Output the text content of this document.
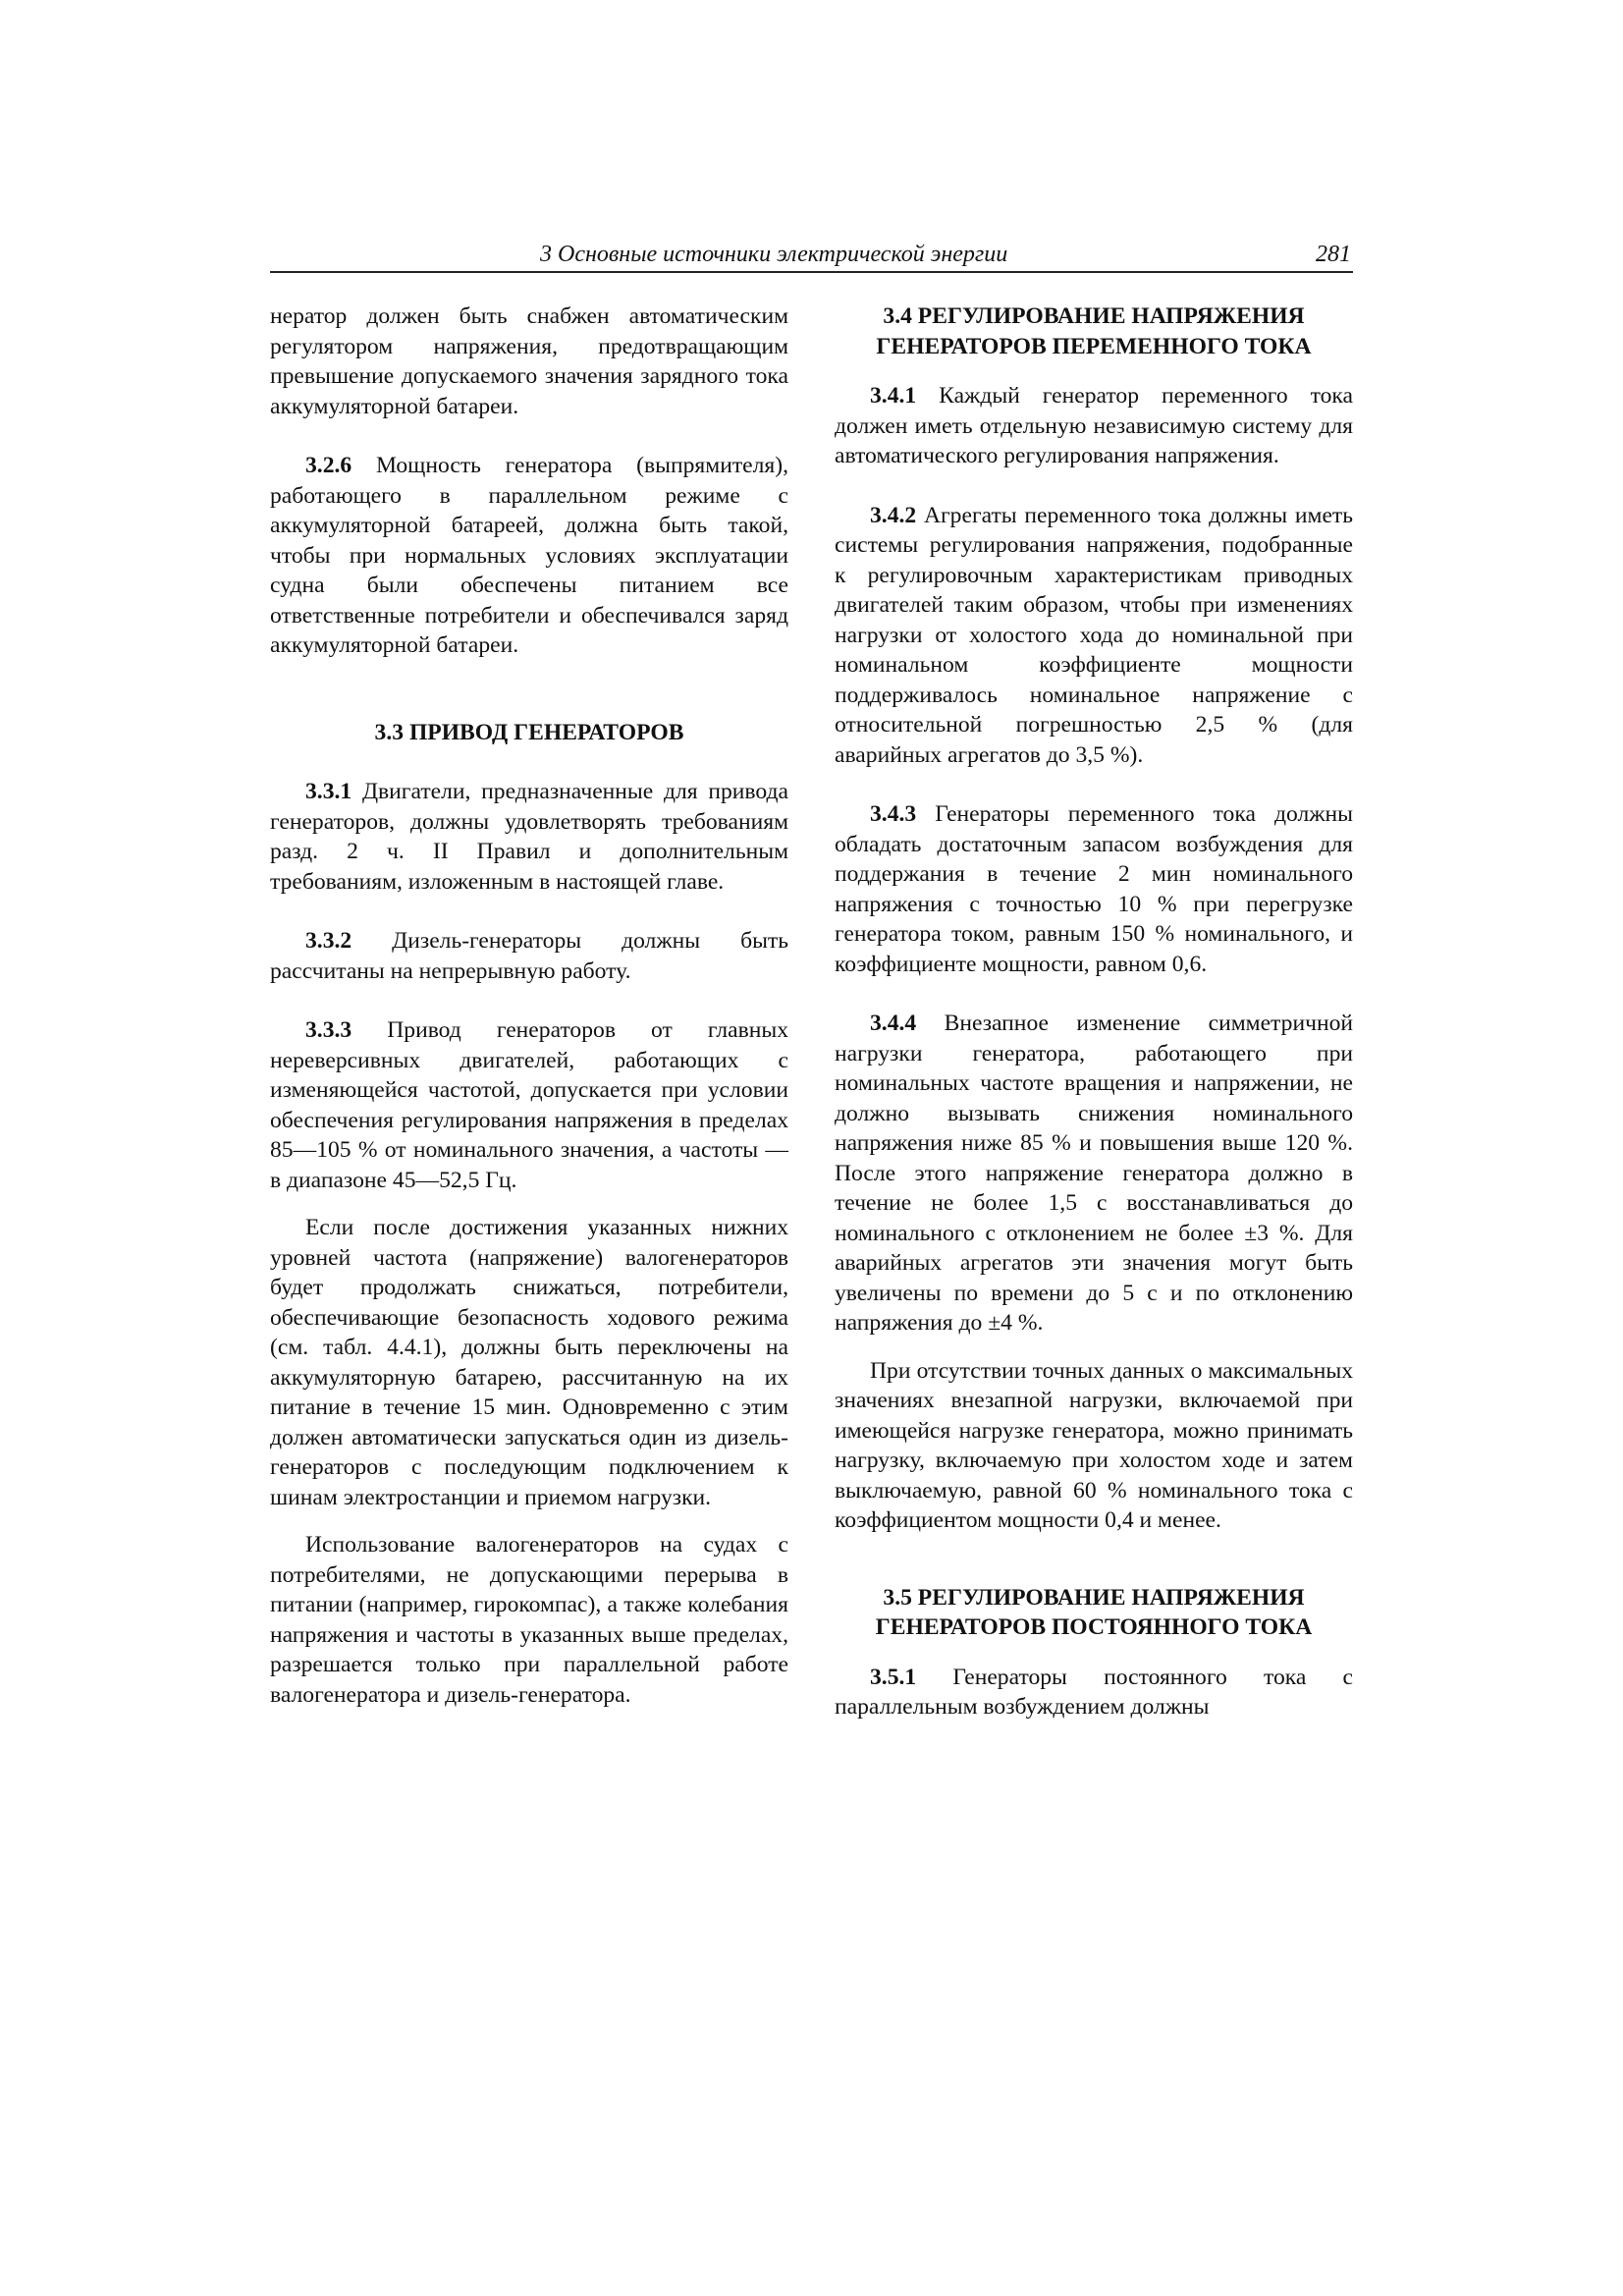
3 Основные источники электрической энергии	281

нератор должен быть снабжен автоматическим регулятором напряжения, предотвращающим превышение допускаемого значения зарядного тока аккумуляторной батареи.

3.2.6 Мощность генератора (выпрямителя), работающего в параллельном режиме с аккумуляторной батареей, должна быть такой, чтобы при нормальных условиях эксплуатации судна были обеспечены питанием все ответственные потребители и обеспечивался заряд аккумуляторной батареи.

3.3 ПРИВОД ГЕНЕРАТОРОВ

3.3.1 Двигатели, предназначенные для привода генераторов, должны удовлетворять требованиям разд. 2 ч. II Правил и дополнительным требованиям, изложенным в настоящей главе.

3.3.2 Дизель-генераторы должны быть рассчитаны на непрерывную работу.

3.3.3 Привод генераторов от главных нереверсивных двигателей, работающих с изменяющейся частотой, допускается при условии обеспечения регулирования напряжения в пределах 85—105 % от номинального значения, а частоты — в диапазоне 45—52,5 Гц.

Если после достижения указанных нижних уровней частота (напряжение) валогенераторов будет продолжать снижаться, потребители, обеспечивающие безопасность ходового режима (см. табл. 4.4.1), должны быть переключены на аккумуляторную батарею, рассчитанную на их питание в течение 15 мин. Одновременно с этим должен автоматически запускаться один из дизель-генераторов с последующим подключением к шинам электростанции и приемом нагрузки.

Использование валогенераторов на судах с потребителями, не допускающими перерыва в питании (например, гирокомпас), а также колебания напряжения и частоты в указанных выше пределах, разрешается только при параллельной работе валогенератора и дизель-генератора.

3.4 РЕГУЛИРОВАНИЕ НАПРЯЖЕНИЯ
ГЕНЕРАТОРОВ ПЕРЕМЕННОГО ТОКА

3.4.1 Каждый генератор переменного тока должен иметь отдельную независимую систему для автоматического регулирования напряжения.

3.4.2 Агрегаты переменного тока должны иметь системы регулирования напряжения, подобранные к регулировочным характеристикам приводных двигателей таким образом, чтобы при изменениях нагрузки от холостого хода до номинальной при номинальном коэффициенте мощности поддерживалось номинальное напряжение с относительной погрешностью 2,5 % (для аварийных агрегатов до 3,5 %).

3.4.3 Генераторы переменного тока должны обладать достаточным запасом возбуждения для поддержания в течение 2 мин номинального напряжения с точностью 10 % при перегрузке генератора током, равным 150 % номинального, и коэффициенте мощности, равном 0,6.

3.4.4 Внезапное изменение симметричной нагрузки генератора, работающего при номинальных частоте вращения и напряжении, не должно вызывать снижения номинального напряжения ниже 85 % и повышения выше 120 %. После этого напряжение генератора должно в течение не более 1,5 с восстанавливаться до номинального с отклонением не более ±3 %. Для аварийных агрегатов эти значения могут быть увеличены по времени до 5 с и по отклонению напряжения до ±4 %.

При отсутствии точных данных о максимальных значениях внезапной нагрузки, включаемой при имеющейся нагрузке генератора, можно принимать нагрузку, включаемую при холостом ходе и затем выключаемую, равной 60 % номинального тока с коэффициентом мощности 0,4 и менее.

3.5 РЕГУЛИРОВАНИЕ НАПРЯЖЕНИЯ
ГЕНЕРАТОРОВ ПОСТОЯННОГО ТОКА

3.5.1 Генераторы постоянного тока с параллельным возбуждением должны
